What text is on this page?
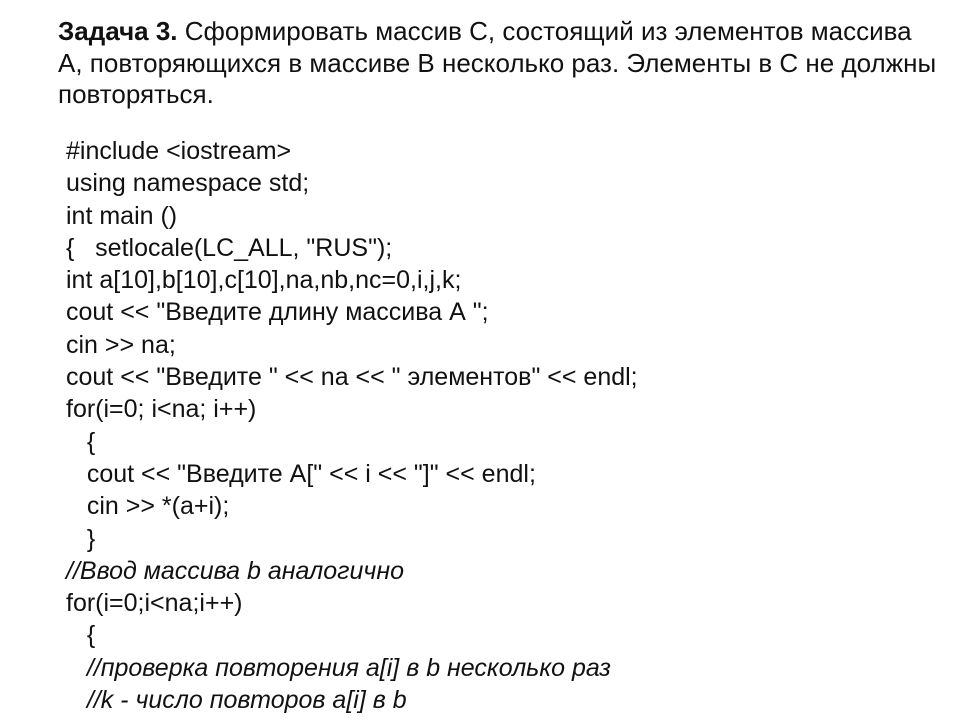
Задача 3. Сформировать массив С, состоящий из элементов массива А, повторяющихся в массиве В несколько раз. Элементы в С не должны повторяться.
#include <iostream>
using namespace std;
int main ()
{   setlocale(LC_ALL, "RUS");
int a[10],b[10],c[10],na,nb,nc=0,i,j,k;
cout << "Введите длину массива А ";
cin >> na;
cout << "Введите " << na << " элементов" << endl;
for(i=0; i<na; i++)
{
cout << "Введите А[" << i << "]" << endl;
cin >> *(a+i);
}
//Ввод массива b аналогично
for(i=0;i<na;i++)
{
//проверка повторения a[i] в b несколько раз
//k - число повторов a[i] в b
